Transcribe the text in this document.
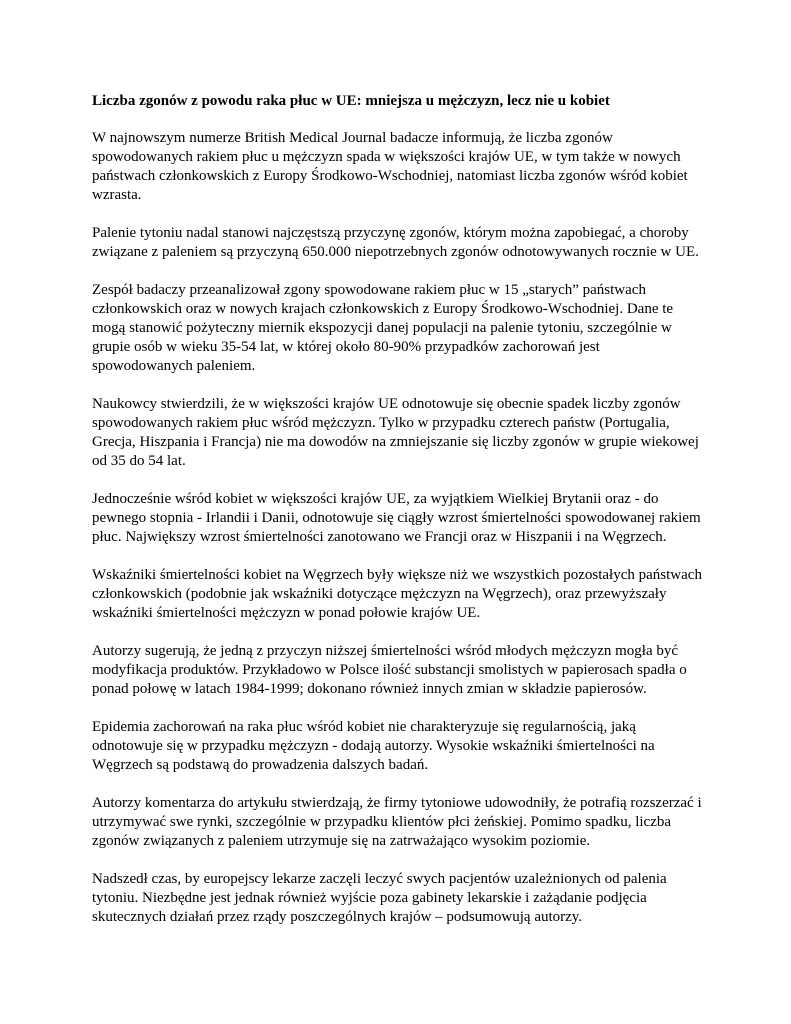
Liczba zgonów z powodu raka płuc w UE: mniejsza u mężczyzn, lecz nie u kobiet

W najnowszym numerze British Medical Journal badacze informują, że liczba zgonów spowodowanych rakiem płuc u mężczyzn spada w większości krajów UE, w tym także w nowych państwach członkowskich z Europy Środkowo-Wschodniej, natomiast liczba zgonów wśród kobiet wzrasta.

Palenie tytoniu nadal stanowi najczęstszą przyczynę zgonów, którym można zapobiegać, a choroby związane z paleniem są przyczyną 650.000 niepotrzebnych zgonów odnotowywanych rocznie w UE.

Zespół badaczy przeanalizował zgony spowodowane rakiem płuc w 15 „starych” państwach członkowskich oraz w nowych krajach członkowskich z Europy Środkowo-Wschodniej. Dane te mogą stanowić pożyteczny miernik ekspozycji danej populacji na palenie tytoniu, szczególnie w grupie osób w wieku 35-54 lat, w której około 80-90% przypadków zachorowań jest spowodowanych paleniem.

Naukowcy stwierdzili, że w większości krajów UE odnotowuje się obecnie spadek liczby zgonów spowodowanych rakiem płuc wśród mężczyzn. Tylko w przypadku czterech państw (Portugalia, Grecja, Hiszpania i Francja) nie ma dowodów na zmniejszanie się liczby zgonów w grupie wiekowej od 35 do 54 lat.

Jednocześnie wśród kobiet w większości krajów UE, za wyjątkiem Wielkiej Brytanii oraz - do pewnego stopnia - Irlandii i Danii, odnotowuje się ciągły wzrost śmiertelności spowodowanej rakiem płuc. Największy wzrost śmiertelności zanotowano we Francji oraz w Hiszpanii i na Węgrzech.

Wskaźniki śmiertelności kobiet na Węgrzech były większe niż we wszystkich pozostałych państwach członkowskich (podobnie jak wskaźniki dotyczące mężczyzn na Węgrzech), oraz przewyższały wskaźniki śmiertelności mężczyzn w ponad połowie krajów UE.

Autorzy sugerują, że jedną z przyczyn niższej śmiertelności wśród młodych mężczyzn mogła być modyfikacja produktów. Przykładowo w Polsce ilość substancji smolistych w papierosach spadła o ponad połowę w latach 1984-1999; dokonano również innych zmian w składzie papierosów.

Epidemia zachorowań na raka płuc wśród kobiet nie charakteryzuje się regularnością, jaką odnotowuje się w przypadku mężczyzn - dodają autorzy. Wysokie wskaźniki śmiertelności na Węgrzech są podstawą do prowadzenia dalszych badań.

Autorzy komentarza do artykułu stwierdzają, że firmy tytoniowe udowodniły, że potrafią rozszerzać i utrzymywać swe rynki, szczególnie w przypadku klientów płci żeńskiej. Pomimo spadku, liczba zgonów związanych z paleniem utrzymuje się na zatrważająco wysokim poziomie.

Nadszedł czas, by europejscy lekarze zaczęli leczyć swych pacjentów uzależnionych od palenia tytoniu. Niezbędne jest jednak również wyjście poza gabinety lekarskie i zażądanie podjęcia skutecznych działań przez rządy poszczególnych krajów – podsumowują autorzy.
